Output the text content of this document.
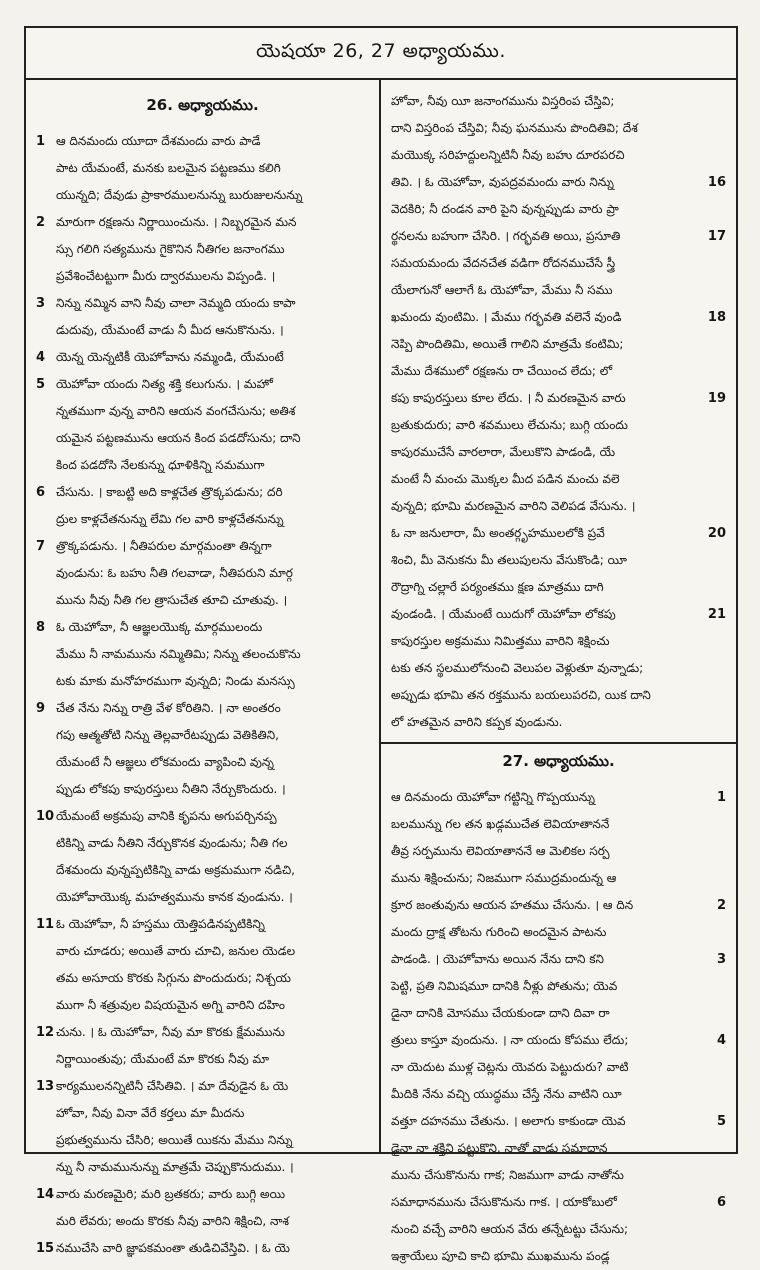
యెషయా 26, 27 అధ్యాయము.
26. అధ్యాయము.
1 ఆ దినమందు యూదా దేశమందు వారు పాడే
పాట యేమంటే, మనకు బలమైన పట్టణము కలిగి
యున్నది; దేవుడు ప్రాకారములనున్ను బురుజులనున్ను
2 మారుగా రక్షణను నిర్ణాయించును. । నిబ్బరమైన మన
స్సు గలిగి సత్యమును గైకొనిన నీతిగల జనాంగము
ప్రవేశించేటట్టుగా మీరు ద్వారములను విప్పండి. ।
3 నిన్ను నమ్మిన వాని నీవు చాలా నెమ్మది యందు కాపా
డుదువు, యేమంటే వాడు నీ మీద ఆనుకొనును. ।
4 యెన్న యెన్నటికీ యెహోవాను నమ్మండి, యేమంటే
5 యెహోవా యందు నిత్య శక్తి కలుగును. । మహో
న్నతముగా వున్న వారిని ఆయన వంగచేసును; అతిశ
యమైన పట్టణమును ఆయన కింద పడదోసును; దాని
కింద పడదోసి నేలకున్ను ధూళికిన్ని సమముగా
6 చేసును. । కాబట్టి అది కాళ్లచేత త్రొక్కపడును; దరి
ద్రుల కాళ్లచేతనున్ను లేమి గల వారి కాళ్లచేతనున్ను
7 త్రొక్కపడును. । నీతిపరుల మార్గమంతా తిన్నగా
వుండును: ఓ బహు నీతి గలవాడా, నీతిపరుని మార్గ
మును నీవు నీతి గల త్రాసుచేత తూచి చూతువు. ।
8 ఓ యెహోవా, నీ ఆజ్ఞలయొక్క మార్గములందు
మేము నీ నామమును నమ్మితిమి; నిన్ను తలంచుకొను
టకు మాకు మనోహరముగా వున్నది; నిండు మనస్సు
9 చేత నేను నిన్ను రాత్రి వేళ కోరితిని. । నా అంతరం
గపు ఆత్మతోటి నిన్ను తెల్లవారేటప్పుడు వెతికితిని,
యేమంటే నీ ఆజ్ఞలు లోకమందు వ్యాపించి వున్న
ప్పుడు లోకపు కాపురస్తులు నీతిని నేర్చుకొందురు. ।
10 యేమంటే అక్రమపు వానికి కృపను అగుపర్చినప్ప
టికిన్ని వాడు నీతిని నేర్చుకొనక వుండును; నీతి గల
దేశమందు వున్నప్పటికిన్ని వాడు అక్రమముగా నడిచి,
యెహోవాయొక్క మహత్వమును కానక వుండును. ।
11 ఓ యెహోవా, నీ హస్తము యెత్తిపడినప్పటికిన్ని
వారు చూడరు; అయితే వారు చూచి, జనుల యెడల
తమ అసూయ కొరకు సిగ్గును పొందుదురు; నిశ్చయ
ముగా నీ శత్రువుల విషయమైన అగ్ని వారిని దహిం
12 చును. । ఓ యెహోవా, నీవు మా కొరకు క్షేమమును
నిర్ణాయింతువు; యేమంటే మా కొరకు నీవు మా
13 కార్యములనన్నిటినీ చేసితివి. । మా దేవుడైన ఓ యె
హోవా, నీవు వినా వేరే కర్తలు మా మీదను
ప్రభుత్వమును చేసిరి; అయితే యికను మేము నిన్ను
న్ను నీ నామమునున్ను మాత్రమే చెప్పుకొనుదుము. ।
14 వారు మరణమైరి; మరి బ్రతకరు; వారు బుగ్గి అయి
మరి లేవరు; అందు కొరకు నీవు వారిని శిక్షించి, నాశ
15 నముచేసి వారి జ్ఞాపకమంతా తుడిచివేస్తివి. । ఓ యె
హోవా, నీవు యీ జనాంగమును విస్తరింప చేస్తివి;
దాని విస్తరింప చేస్తివి; నీవు ఘనమును పొందితివి; దేశ
మయొక్క సరిహద్దులన్నిటినీ నీవు బహు దూరపరచి
తివి. । ఓ యెహోవా, వుపద్రవమందు వారు నిన్ను	16
వెదకిరి; నీ దండన వారి పైని వున్నప్పుడు వారు ప్రా
ర్థనలను బహుగా చేసిరి. । గర్భవతి అయి, ప్రసూతి	17
సమయమందు వేదనచేత వడిగా రోదనముచేసే స్త్రీ
యేలాగునో ఆలాగే ఓ యెహోవా, మేము నీ సము
ఖమందు వుంటిమి. । మేము గర్భవతి వలెనే వుండి	18
నెప్పి పొందితిమి, అయితే గాలిని మాత్రమే కంటిమి;
మేము దేశములో రక్షణను రా చేయించ లేదు; లో
కపు కాపురస్తులు కూల లేదు. । నీ మరణమైన వారు	19
బ్రతుకుదురు; వారి శవములు లేచును; బుగ్గి యందు
కాపురముచేసే వారలారా, మేలుకొని పాడండి, యే
మంటే నీ మంచు మొక్కల మీద పడిన మంచు వలె
వున్నది; భూమి మరణమైన వారిని వెలిపడ వేసును. ।
ఓ నా జనులారా, మీ అంతర్గృహములలోకి ప్రవే	20
శించి, మీ వెనుకను మీ తలుపులను వేసుకొండి; యీ
రౌద్రాగ్ని చల్లారే పర్యంతము క్షణ మాత్రము దాగి
వుండండి. । యేమంటే యిదుగో యెహోవా లోకపు	21
కాపురస్తుల అక్రమము నిమిత్తము వారిని శిక్షించు
టకు తన స్థలములోనుంచి వెలుపల వెళ్లుతూ వున్నాడు;
అప్పుడు భూమి తన రక్తమును బయలుపరచి, యిక దాని
లో హతమైన వారిని కప్పక వుండును.
27. అధ్యాయము.
ఆ దినమందు యెహోవా గట్టిన్ని గొప్పయున్ను	1
బలమున్ను గల తన ఖడ్గముచేత లెవియాతాననే
తీవ్ర సర్పమును లెవియాతాననే ఆ మెలికల సర్ప
మును శిక్షించును; నిజముగా సముద్రమందున్న ఆ
క్రూర జంతువును ఆయన హతము చేసును. । ఆ దిన	2
మందు ద్రాక్ష తోటను గురించి అందమైన పాటను
పాడండి. । యెహోవాను అయిన నేను దాని కని	3
పెట్టి, ప్రతి నిమిషమూ దానికి నీళ్లు పోతును; యెవ
డైనా దానికి మోసము చేయకుండా దాని దివా రా
త్రులు కాస్తూ వుందును. । నా యందు కోపము లేదు;	4
నా యెదుట ముళ్ల చెట్లను యెవరు పెట్టుదురు? వాటి
మీదికి నేను వచ్చి యుద్ధము చేస్తే నేను వాటిని యీ
వత్తూ దహనము చేతును. । అలాగు కాకుండా యెవ	5
డైనా నా శక్తిని పట్టుకొని, నాతో వాడు సమాధాన
మును చేసుకొనును గాక; నిజముగా వాడు నాతోను
సమాధానమును చేసుకొనును గాక. । యాకోబులో	6
నుంచి వచ్చే వారిని ఆయన వేరు తన్నేటట్టు చేసును;
ఇశ్రాయేలు పూచి కాచి భూమి ముఖమును పండ్ల
